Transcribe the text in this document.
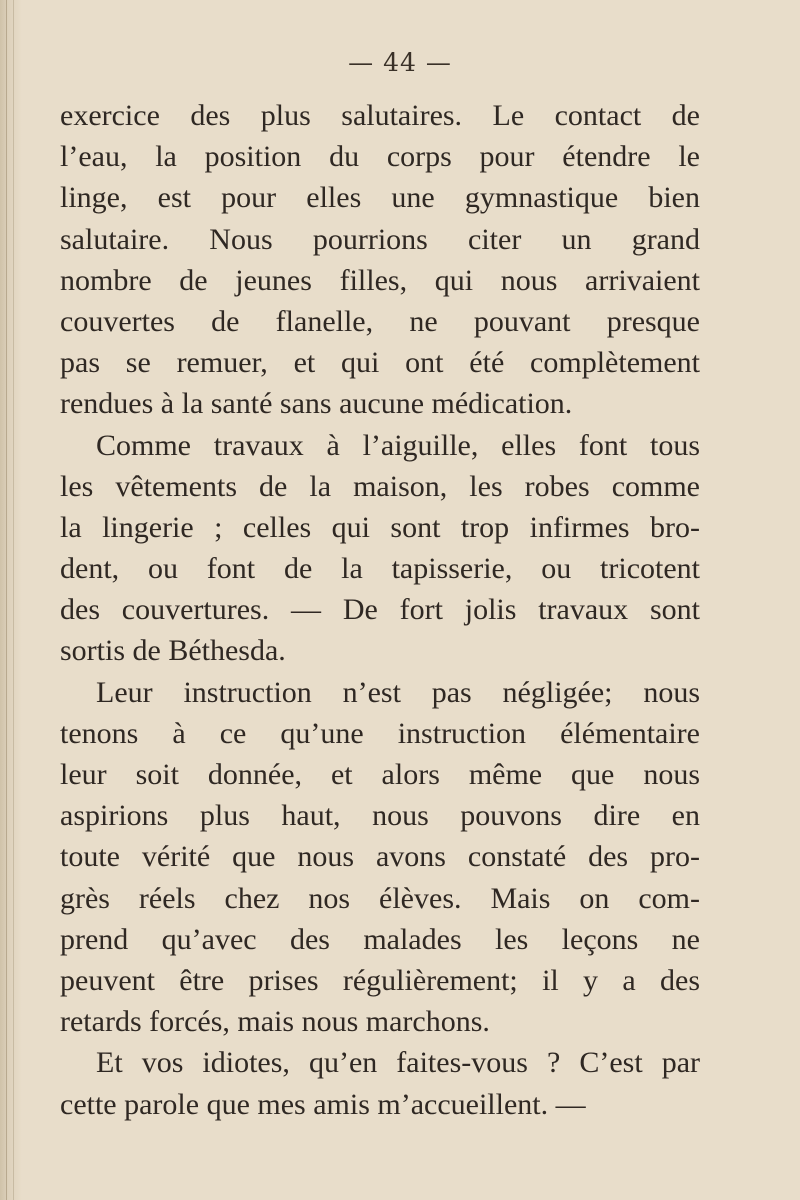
— 44 —
exercice des plus salutaires. Le contact de
l’eau, la position du corps pour étendre le
linge, est pour elles une gymnastique bien
salutaire. Nous pourrions citer un grand
nombre de jeunes filles, qui nous arrivaient
couvertes de flanelle, ne pouvant presque
pas se remuer, et qui ont été complètement
rendues à la santé sans aucune médication.
Comme travaux à l’aiguille, elles font tous
les vêtements de la maison, les robes comme
la lingerie ; celles qui sont trop infirmes bro-
dent, ou font de la tapisserie, ou tricotent
des couvertures. — De fort jolis travaux sont
sortis de Béthesda.
Leur instruction n’est pas négligée; nous
tenons à ce qu’une instruction élémentaire
leur soit donnée, et alors même que nous
aspirions plus haut, nous pouvons dire en
toute vérité que nous avons constaté des pro-
grès réels chez nos élèves. Mais on com-
prend qu’avec des malades les leçons ne
peuvent être prises régulièrement; il y a des
retards forcés, mais nous marchons.
Et vos idiotes, qu’en faites-vous ? C’est par
cette parole que mes amis m’accueillent. —
